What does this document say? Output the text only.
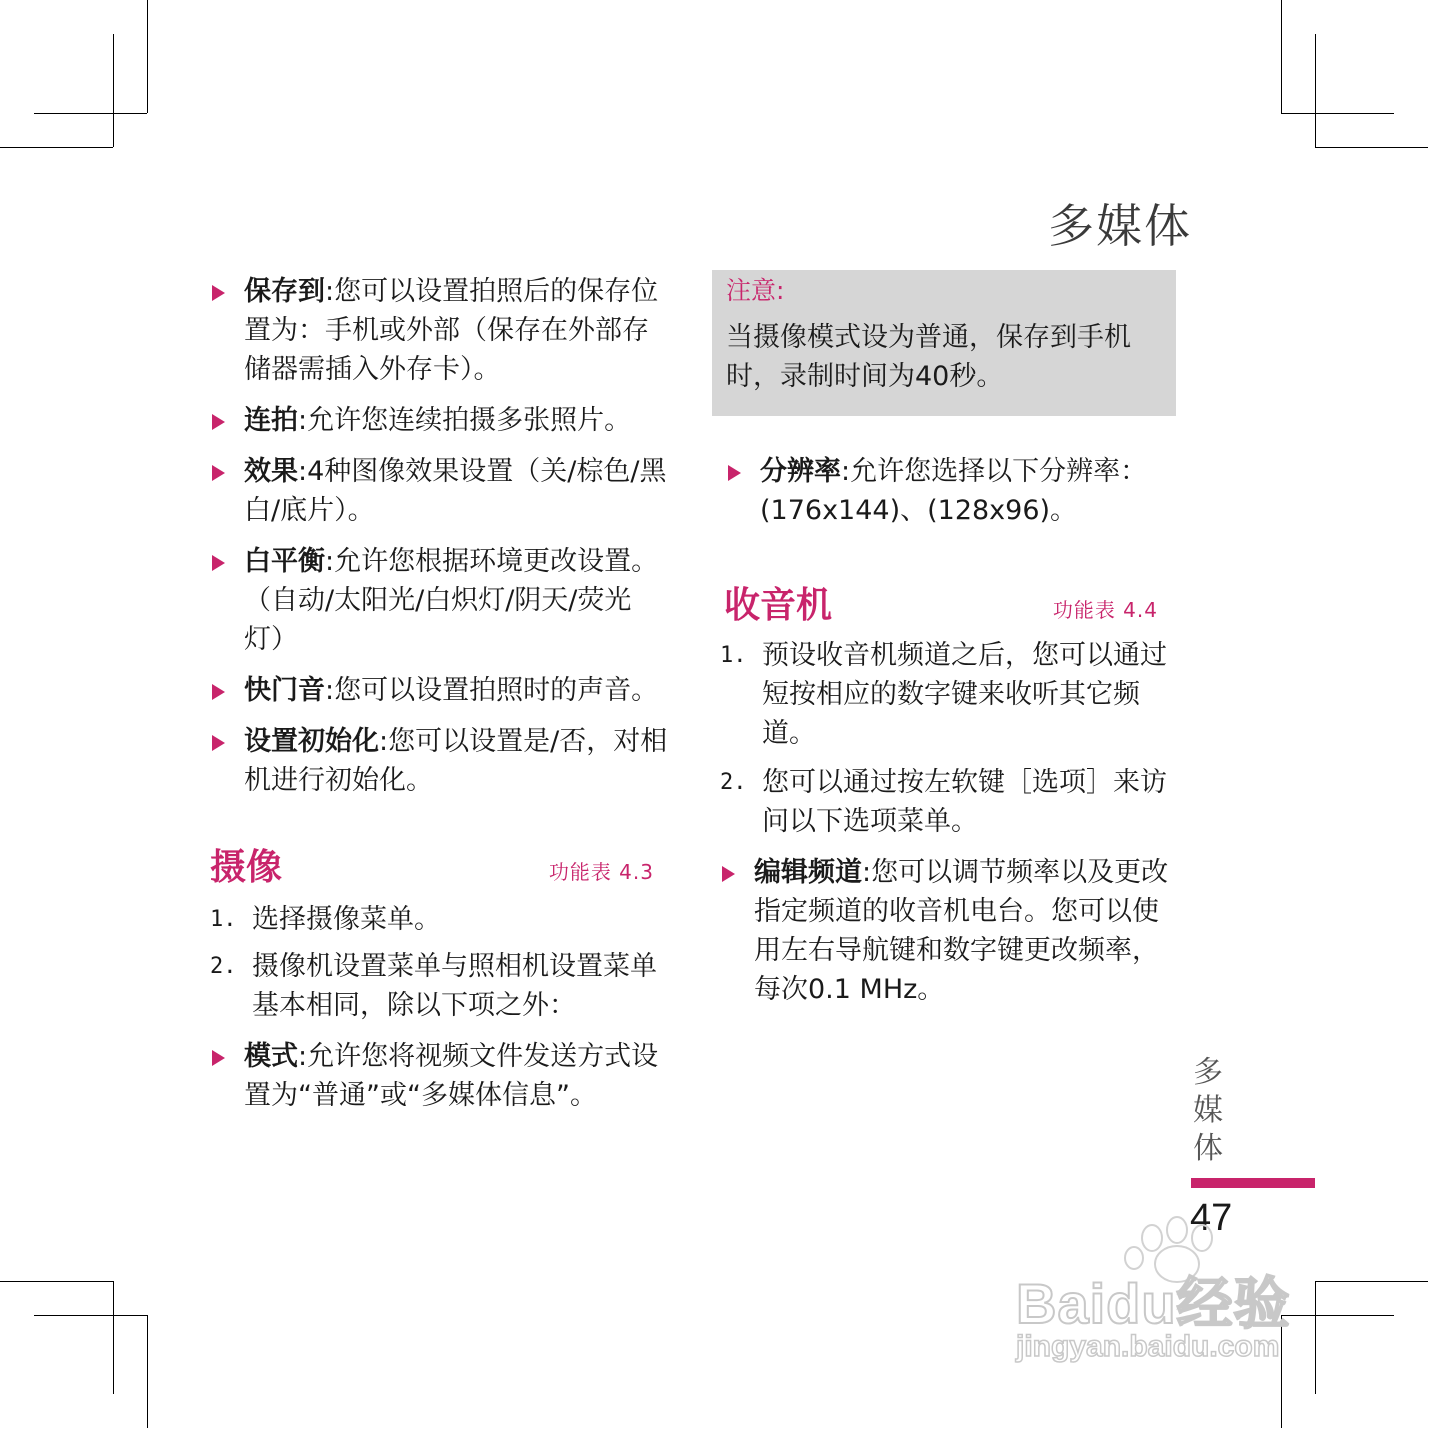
多媒体
保存到:您可以设置拍照后的保存位置为：手机或外部（保存在外部存储器需插入外存卡）。
连拍:允许您连续拍摄多张照片。
效果:4种图像效果设置（关/棕色/黑白/底片）。
白平衡:允许您根据环境更改设置。（自动/太阳光/白炽灯/阴天/荧光灯）
快门音:您可以设置拍照时的声音。
设置初始化:您可以设置是/否，对相机进行初始化。
摄像	功能表 4.3
1. 选择摄像菜单。
2. 摄像机设置菜单与照相机设置菜单基本相同，除以下项之外：
模式:允许您将视频文件发送方式设置为“普通”或“多媒体信息”。
注意:
当摄像模式设为普通，保存到手机时，录制时间为40秒。
分辨率:允许您选择以下分辨率：(176x144)、(128x96)。
收音机	功能表 4.4
1. 预设收音机频道之后，您可以通过短按相应的数字键来收听其它频道。
2. 您可以通过按左软键［选项］来访问以下选项菜单。
编辑频道:您可以调节频率以及更改指定频道的收音机电台。您可以使用左右导航键和数字键更改频率，每次0.1 MHz。
多媒体
47
Baidu经验
jingyan.baidu.com
